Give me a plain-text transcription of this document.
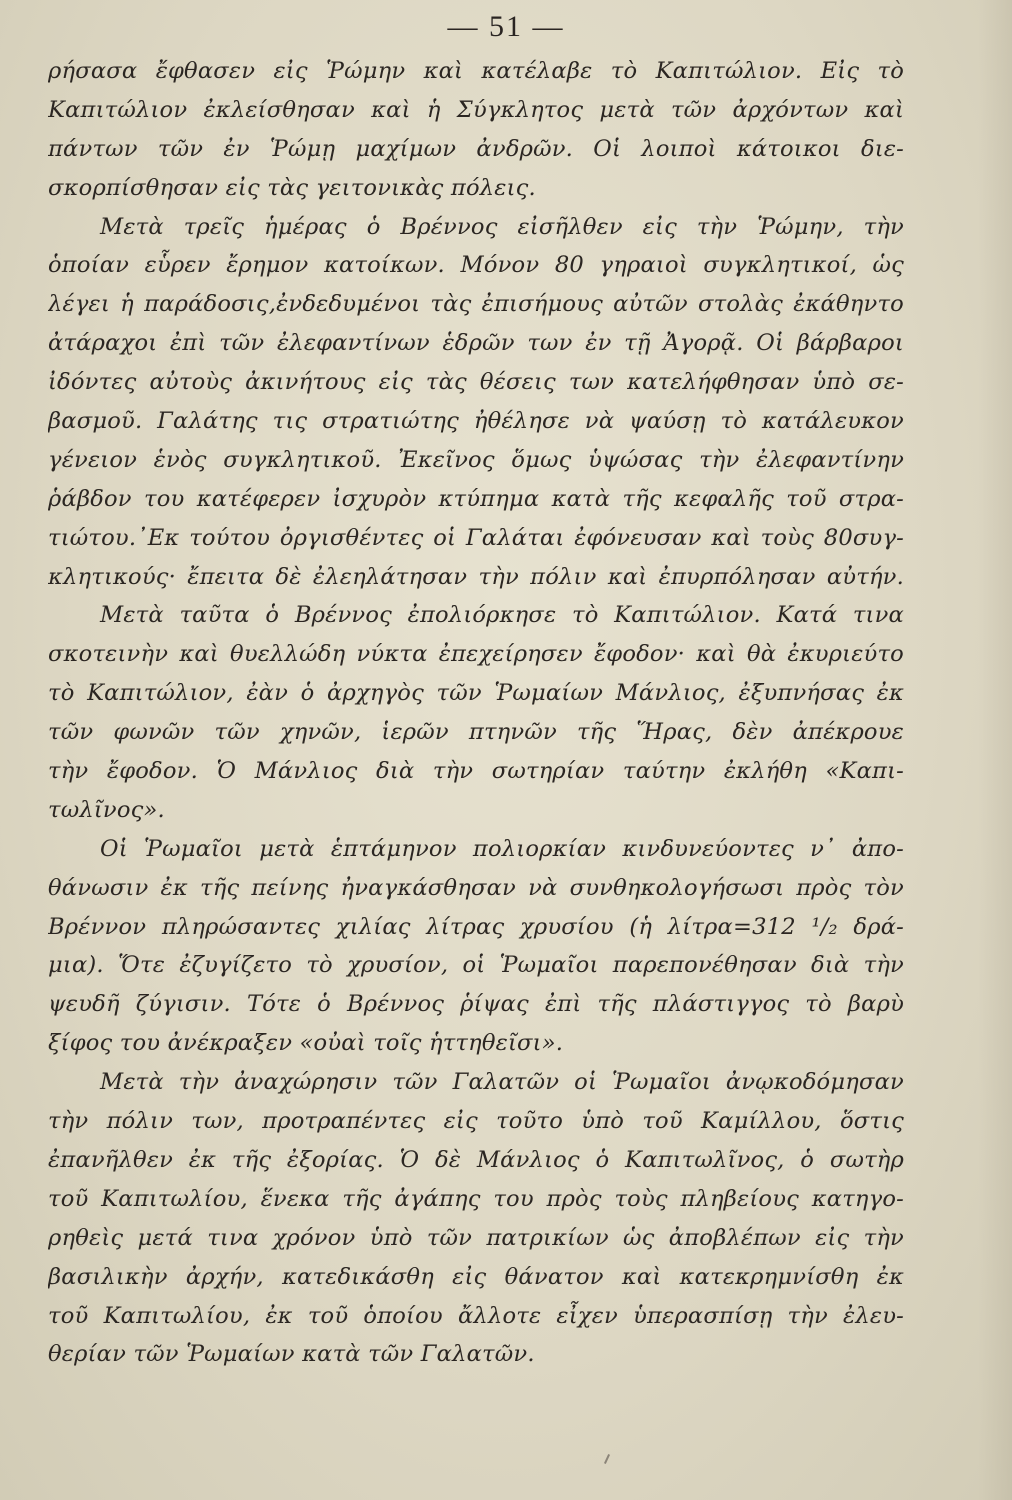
— 51 —
ρήσασα ἔφθασεν εἰς Ῥώμην καὶ κατέλαβε τὸ Καπιτώλιον. Εἰς τὸ
Καπιτώλιον ἐκλείσθησαν καὶ ἡ Σύγκλητος μετὰ τῶν ἀρχόντων καὶ
πάντων τῶν ἐν Ῥώμῃ μαχίμων ἀνδρῶν. Οἱ λοιποὶ κάτοικοι διε-
σκορπίσθησαν εἰς τὰς γειτονικὰς πόλεις.
Μετὰ τρεῖς ἡμέρας ὁ Βρέννος εἰσῆλθεν εἰς τὴν Ῥώμην, τὴν
ὁποίαν εὗρεν ἔρημον κατοίκων. Μόνον 80 γηραιοὶ συγκλητικοί, ὡς
λέγει ἡ παράδοσις,ἐνδεδυμένοι τὰς ἐπισήμους αὐτῶν στολὰς ἐκάθηντο
ἀτάραχοι ἐπὶ τῶν ἐλεφαντίνων ἑδρῶν των ἐν τῇ Ἀγορᾷ. Οἱ βάρβαροι
ἰδόντες αὐτοὺς ἀκινήτους εἰς τὰς θέσεις των κατελήφθησαν ὑπὸ σε-
βασμοῦ. Γαλάτης τις στρατιώτης ἠθέλησε νὰ ψαύσῃ τὸ κατάλευκον
γένειον ἑνὸς συγκλητικοῦ. Ἐκεῖνος ὅμως ὑψώσας τὴν ἐλεφαντίνην
ῥάβδον του κατέφερεν ἰσχυρὸν κτύπημα κατὰ τῆς κεφαλῆς τοῦ στρα-
τιώτου.᾿Εκ τούτου ὀργισθέντες οἱ Γαλάται ἐφόνευσαν καὶ τοὺς 80συγ-
κλητικούς· ἔπειτα δὲ ἐλεηλάτησαν τὴν πόλιν καὶ ἐπυρπόλησαν αὐτήν.
Μετὰ ταῦτα ὁ Βρέννος ἐπολιόρκησε τὸ Καπιτώλιον. Κατά τινα
σκοτεινὴν καὶ θυελλώδη νύκτα ἐπεχείρησεν ἔφοδον· καὶ θὰ ἐκυριεύτο
τὸ Καπιτώλιον, ἐὰν ὁ ἀρχηγὸς τῶν Ῥωμαίων Μάνλιος, ἐξυπνήσας ἐκ
τῶν φωνῶν τῶν χηνῶν, ἱερῶν πτηνῶν τῆς Ἥρας, δὲν ἀπέκρουε
τὴν ἔφοδον. Ὁ Μάνλιος διὰ τὴν σωτηρίαν ταύτην ἐκλήθη «Καπι-
τωλῖνος».
Οἱ Ῥωμαῖοι μετὰ ἑπτάμηνον πολιορκίαν κινδυνεύοντες ν᾿ ἀπο-
θάνωσιν ἐκ τῆς πείνης ἠναγκάσθησαν νὰ συνθηκολογήσωσι πρὸς τὸν
Βρέννον πληρώσαντες χιλίας λίτρας χρυσίου (ἡ λίτρα=312 ¹/₂ δρά-
μια). Ὅτε ἐζυγίζετο τὸ χρυσίον, οἱ Ῥωμαῖοι παρεπονέθησαν διὰ τὴν
ψευδῆ ζύγισιν. Τότε ὁ Βρέννος ῥίψας ἐπὶ τῆς πλάστιγγος τὸ βαρὺ
ξίφος του ἀνέκραξεν «οὐαὶ τοῖς ἡττηθεῖσι».
Μετὰ τὴν ἀναχώρησιν τῶν Γαλατῶν οἱ Ῥωμαῖοι ἀνῳκοδόμησαν
τὴν πόλιν των, προτραπέντες εἰς τοῦτο ὑπὸ τοῦ Καμίλλου, ὅστις
ἐπανῆλθεν ἐκ τῆς ἐξορίας. Ὁ δὲ Μάνλιος ὁ Καπιτωλῖνος, ὁ σωτὴρ
τοῦ Καπιτωλίου, ἕνεκα τῆς ἀγάπης του πρὸς τοὺς πληβείους κατηγο-
ρηθεὶς μετά τινα χρόνον ὑπὸ τῶν πατρικίων ὡς ἀποβλέπων εἰς τὴν
βασιλικὴν ἀρχήν, κατεδικάσθη εἰς θάνατον καὶ κατεκρημνίσθη ἐκ
τοῦ Καπιτωλίου, ἐκ τοῦ ὁποίου ἄλλοτε εἶχεν ὑπερασπίσῃ τὴν ἐλευ-
θερίαν τῶν Ῥωμαίων κατὰ τῶν Γαλατῶν.
